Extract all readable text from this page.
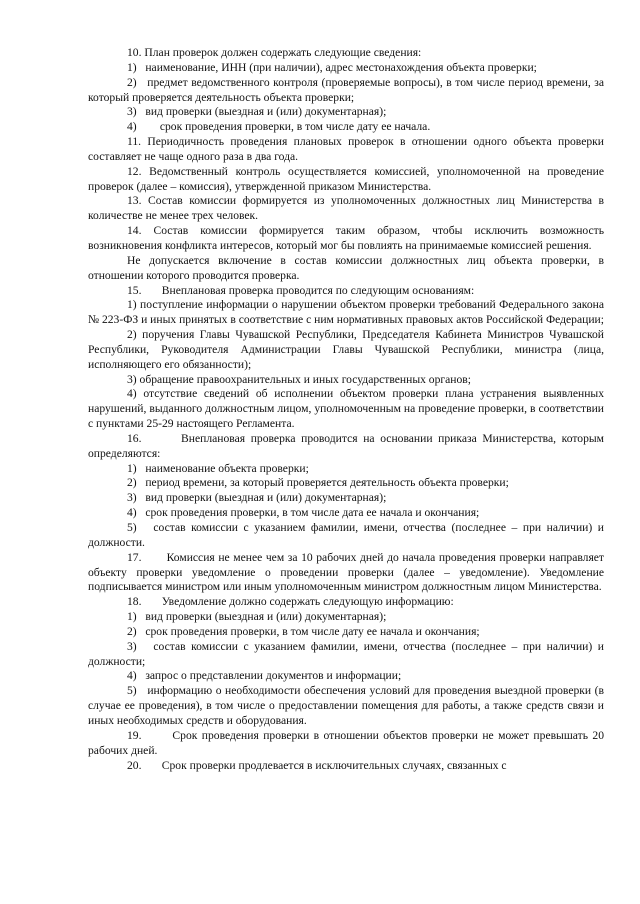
10. План проверок должен содержать следующие сведения:

1)   наименование, ИНН (при наличии), адрес местонахождения объекта проверки;

2)   предмет ведомственного контроля (проверяемые вопросы), в том числе период времени, за который проверяется деятельность объекта проверки;

3)   вид проверки (выездная и (или) документарная);

4)        срок проведения проверки, в том числе дату ее начала.

11. Периодичность проведения плановых проверок в отношении одного объекта проверки составляет не чаще одного раза в два года.

12. Ведомственный контроль осуществляется комиссией, уполномоченной на проведение проверок (далее – комиссия), утвержденной приказом Министерства.

13. Состав комиссии формируется из уполномоченных должностных лиц Министерства в количестве не менее трех человек.

14. Состав комиссии формируется таким образом, чтобы исключить возможность возникновения конфликта интересов, который мог бы повлиять на принимаемые комиссией решения.

Не допускается включение в состав комиссии должностных лиц объекта проверки, в отношении которого проводится проверка.

15.       Внеплановая проверка проводится по следующим основаниям:

1) поступление информации о нарушении объектом проверки требований Федерального закона № 223-ФЗ и иных принятых в соответствие с ним нормативных правовых актов Российской Федерации;

2) поручения Главы Чувашской Республики, Председателя Кабинета Министров Чувашской Республики, Руководителя Администрации Главы Чувашской Республики, министра (лица, исполняющего его обязанности);

3) обращение правоохранительных и иных государственных органов;

4) отсутствие сведений об исполнении объектом проверки плана устранения выявленных нарушений, выданного должностным лицом, уполномоченным на проведение проверки, в соответствии с пунктами 25-29 настоящего Регламента.

16.       Внеплановая проверка проводится на основании приказа Министерства, которым определяются:

1)   наименование объекта проверки;

2)   период времени, за который проверяется деятельность объекта проверки;

3)   вид проверки (выездная и (или) документарная);

4)   срок проведения проверки, в том числе дата ее начала и окончания;

5)   состав комиссии с указанием фамилии, имени, отчества (последнее – при наличии) и должности.

17.       Комиссия не менее чем за 10 рабочих дней до начала проведения проверки направляет объекту проверки уведомление о проведении проверки (далее – уведомление). Уведомление подписывается министром или иным уполномоченным министром должностным лицом Министерства.

18.       Уведомление должно содержать следующую информацию:

1)   вид проверки (выездная и (или) документарная);

2)   срок проведения проверки, в том числе дату ее начала и окончания;

3)   состав комиссии с указанием фамилии, имени, отчества (последнее – при наличии) и должности;

4)   запрос о представлении документов и информации;

5)   информацию о необходимости обеспечения условий для проведения выездной проверки (в случае ее проведения), в том числе о предоставлении помещения для работы, а также средств связи и иных необходимых средств и оборудования.

19.       Срок проведения проверки в отношении объектов проверки не может превышать 20 рабочих дней.

20.       Срок проверки продлевается в исключительных случаях, связанных с
